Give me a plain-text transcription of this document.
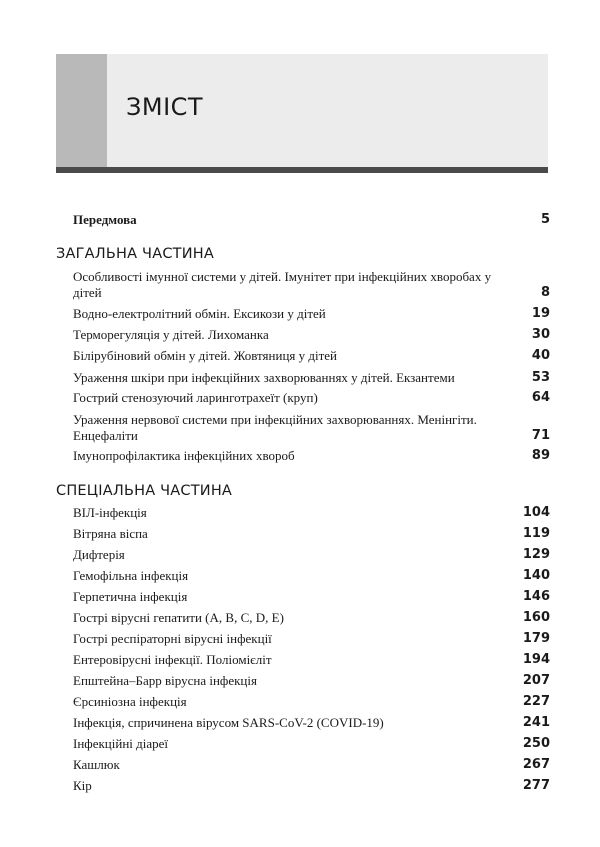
ЗМІСТ
Передмова	5
ЗАГАЛЬНА ЧАСТИНА
Особливості імунної системи у дітей. Імунітет при інфекційних хворобах у дітей	8
Водно-електролітний обмін. Ексикози у дітей	19
Терморегуляція у дітей. Лихоманка	30
Білірубіновий обмін у дітей. Жовтяниця у дітей	40
Ураження шкіри при інфекційних захворюваннях у дітей. Екзантеми	53
Гострий стенозуючий ларинготрахеїт (круп)	64
Ураження нервової системи при інфекційних захворюваннях. Менінгіти. Енцефаліти	71
Імунопрофілактика інфекційних хвороб	89
СПЕЦІАЛЬНА ЧАСТИНА
ВІЛ-інфекція	104
Вітряна віспа	119
Дифтерія	129
Гемофільна інфекція	140
Герпетична інфекція	146
Гострі вірусні гепатити (A, B, C, D, E)	160
Гострі респіраторні вірусні інфекції	179
Ентеровірусні інфекції. Поліомієліт	194
Епштейна–Барр вірусна інфекція	207
Єрсиніозна інфекція	227
Інфекція, спричинена вірусом SARS-CoV-2 (COVID-19)	241
Інфекційні діареї	250
Кашлюк	267
Кір	277
